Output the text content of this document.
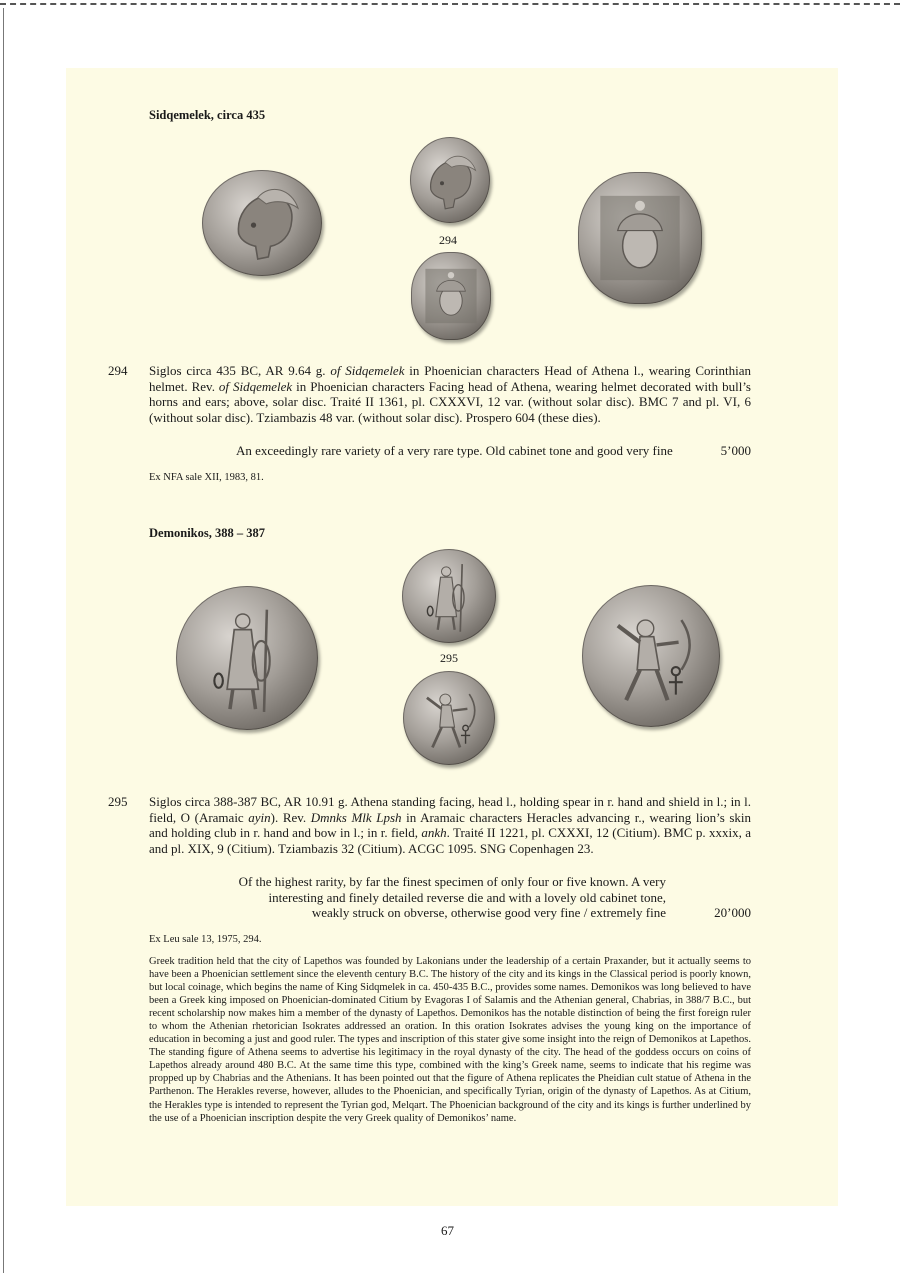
Sidqemelek, circa 435
294
294 Siglos circa 435 BC, AR 9.64 g. of Sidqemelek in Phoenician characters Head of Athena l., wearing Corinthian helmet. Rev. of Sidqemelek in Phoenician characters Facing head of Athena, wearing helmet decorated with bull’s horns and ears; above, solar disc. Traité II 1361, pl. CXXXVI, 12 var. (without solar disc). BMC 7 and pl. VI, 6 (without solar disc). Tziambazis 48 var. (without solar disc). Prospero 604 (these dies).
An exceedingly rare variety of a very rare type. Old cabinet tone and good very fine	5’000
Ex NFA sale XII, 1983, 81.
Demonikos, 388 – 387
295
295 Siglos circa 388-387 BC, AR 10.91 g. Athena standing facing, head l., holding spear in r. hand and shield in l.; in l. field, O (Aramaic ayin). Rev. Dmnks Mlk Lpsh in Aramaic characters Heracles advancing r., wearing lion’s skin and holding club in r. hand and bow in l.; in r. field, ankh. Traité II 1221, pl. CXXXI, 12 (Citium). BMC p. xxxix, a and pl. XIX, 9 (Citium). Tziambazis 32 (Citium). ACGC 1095. SNG Copenhagen 23.
Of the highest rarity, by far the finest specimen of only four or five known. A very
interesting and finely detailed reverse die and with a lovely old cabinet tone,
weakly struck on obverse, otherwise good very fine / extremely fine	20’000
Ex Leu sale 13, 1975, 294.
Greek tradition held that the city of Lapethos was founded by Lakonians under the leadership of a certain Praxander, but it actually seems to have been a Phoenician settlement since the eleventh century B.C. The history of the city and its kings in the Classical period is poorly known, but local coinage, which begins the name of King Sidqmelek in ca. 450-435 B.C., provides some names. Demonikos was long believed to have been a Greek king imposed on Phoenician-dominated Citium by Evagoras I of Salamis and the Athenian general, Chabrias, in 388/7 B.C., but recent scholarship now makes him a member of the dynasty of Lapethos. Demonikos has the notable distinction of being the first foreign ruler to whom the Athenian rhetorician Isokrates addressed an oration. In this oration Isokrates advises the young king on the importance of education in becoming a just and good ruler. The types and inscription of this stater give some insight into the reign of Demonikos at Lapethos. The standing figure of Athena seems to advertise his legitimacy in the royal dynasty of the city. The head of the goddess occurs on coins of Lapethos already around 480 B.C. At the same time this type, combined with the king’s Greek name, seems to indicate that his regime was propped up by Chabrias and the Athenians. It has been pointed out that the figure of Athena replicates the Pheidian cult statue of Athena in the Parthenon. The Herakles reverse, however, alludes to the Phoenician, and specifically Tyrian, origin of the dynasty of Lapethos. As at Citium, the Herakles type is intended to represent the Tyrian god, Melqart. The Phoenician background of the city and its kings is further underlined by the use of a Phoenician inscription despite the very Greek quality of Demonikos’ name.
67
